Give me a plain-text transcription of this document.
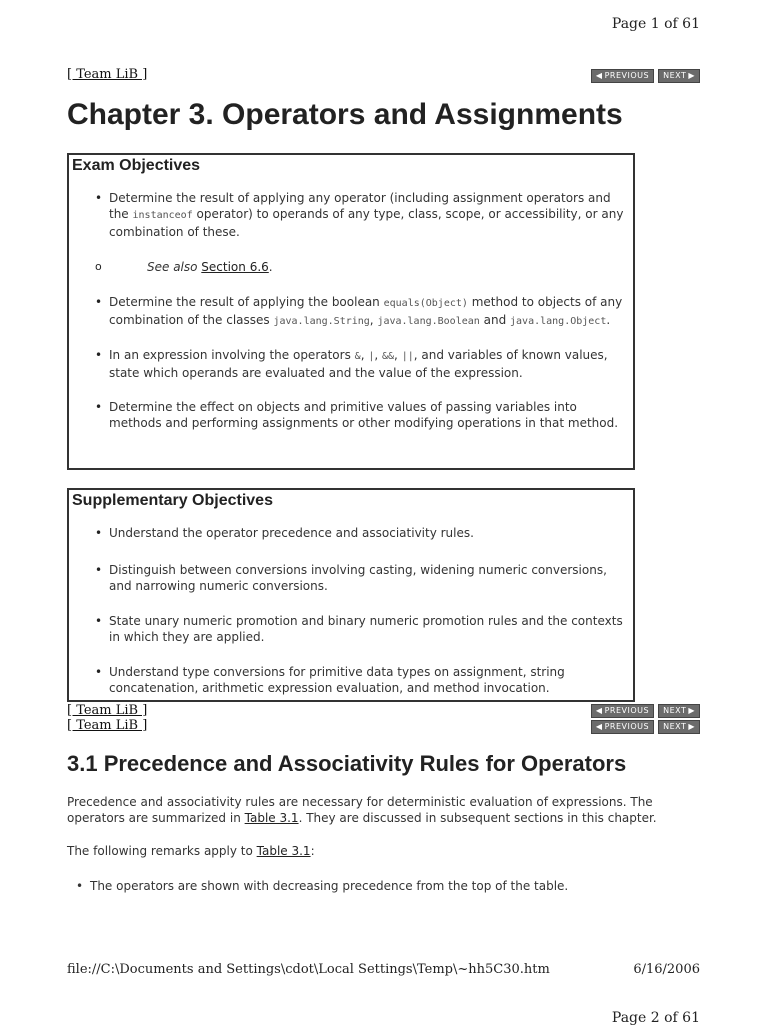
Page 1 of 61
[ Team LiB ]	◀ PREVIOUS NEXT ▶
Chapter 3. Operators and Assignments
Exam Objectives
• Determine the result of applying any operator (including assignment operators and the instanceof operator) to operands of any type, class, scope, or accessibility, or any combination of these.
o See also Section 6.6.
• Determine the result of applying the boolean equals(Object) method to objects of any combination of the classes java.lang.String, java.lang.Boolean and java.lang.Object.
• In an expression involving the operators &, |, &&, ||, and variables of known values, state which operands are evaluated and the value of the expression.
• Determine the effect on objects and primitive values of passing variables into methods and performing assignments or other modifying operations in that method.
Supplementary Objectives
• Understand the operator precedence and associativity rules.
• Distinguish between conversions involving casting, widening numeric conversions, and narrowing numeric conversions.
• State unary numeric promotion and binary numeric promotion rules and the contexts in which they are applied.
• Understand type conversions for primitive data types on assignment, string concatenation, arithmetic expression evaluation, and method invocation.
[ Team LiB ]	◀ PREVIOUS NEXT ▶
[ Team LiB ]	◀ PREVIOUS NEXT ▶
3.1 Precedence and Associativity Rules for Operators

Precedence and associativity rules are necessary for deterministic evaluation of expressions. The operators are summarized in Table 3.1. They are discussed in subsequent sections in this chapter.

The following remarks apply to Table 3.1:

• The operators are shown with decreasing precedence from the top of the table.
file://C:\Documents and Settings\cdot\Local Settings\Temp\~hh5C30.htm	6/16/2006
Page 2 of 61
